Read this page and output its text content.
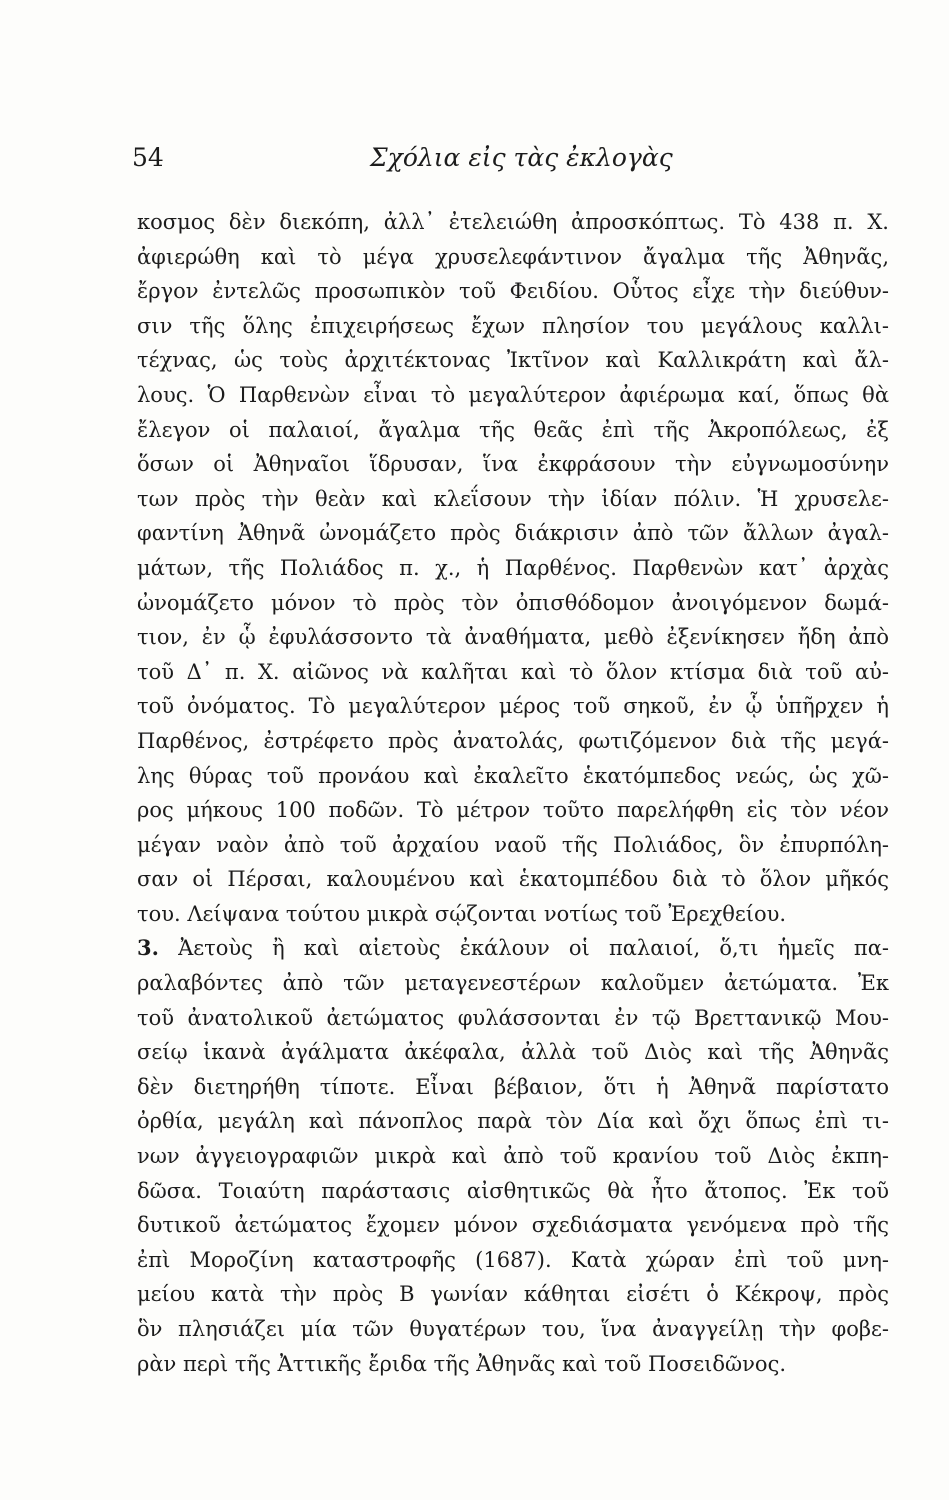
54	Σχόλια εἰς τὰς ἐκλογὰς
κοσμος δὲν διεκόπη, ἀλλ᾽ ἐτελειώθη ἀπροσκόπτως. Τὸ 438 π. Χ.
ἀφιερώθη καὶ τὸ μέγα χρυσελεφάντινον ἄγαλμα τῆς Ἀθηνᾶς,
ἔργον ἐντελῶς προσωπικὸν τοῦ Φειδίου. Οὗτος εἶχε τὴν διεύθυν-
σιν τῆς ὅλης ἐπιχειρήσεως ἔχων πλησίον του μεγάλους καλλι-
τέχνας, ὡς τοὺς ἀρχιτέκτονας Ἰκτῖνον καὶ Καλλικράτη καὶ ἄλ-
λους. Ὁ Παρθενὼν εἶναι τὸ μεγαλύτερον ἀφιέρωμα καί, ὅπως θὰ
ἔλεγον οἱ παλαιοί, ἄγαλμα τῆς θεᾶς ἐπὶ τῆς Ἀκροπόλεως, ἐξ
ὅσων οἱ Ἀθηναῖοι ἵδρυσαν, ἵνα ἐκφράσουν τὴν εὐγνωμοσύνην
των πρὸς τὴν θεὰν καὶ κλεΐσουν τὴν ἰδίαν πόλιν. Ἡ χρυσελε-
φαντίνη Ἀθηνᾶ ὠνομάζετο πρὸς διάκρισιν ἀπὸ τῶν ἄλλων ἀγαλ-
μάτων, τῆς Πολιάδος π. χ., ἡ Παρθένος. Παρθενὼν κατ᾽ ἀρχὰς
ὠνομάζετο μόνον τὸ πρὸς τὸν ὀπισθόδομον ἀνοιγόμενον δωμά-
τιον, ἐν ᾧ ἐφυλάσσοντο τὰ ἀναθήματα, μεθὸ ἐξενίκησεν ἤδη ἀπὸ
τοῦ Δ᾽ π. Χ. αἰῶνος νὰ καλῆται καὶ τὸ ὅλον κτίσμα διὰ τοῦ αὐ-
τοῦ ὀνόματος. Τὸ μεγαλύτερον μέρος τοῦ σηκοῦ, ἐν ᾧ ὑπῆρχεν ἡ
Παρθένος, ἐστρέφετο πρὸς ἀνατολάς, φωτιζόμενον διὰ τῆς μεγά-
λης θύρας τοῦ προνάου καὶ ἐκαλεῖτο ἑκατόμπεδος νεώς, ὡς χῶ-
ρος μήκους 100 ποδῶν. Τὸ μέτρον τοῦτο παρελήφθη εἰς τὸν νέον
μέγαν ναὸν ἀπὸ τοῦ ἀρχαίου ναοῦ τῆς Πολιάδος, ὃν ἐπυρπόλη-
σαν οἱ Πέρσαι, καλουμένου καὶ ἑκατομπέδου διὰ τὸ ὅλον μῆκός
του. Λείψανα τούτου μικρὰ σῴζονται νοτίως τοῦ Ἐρεχθείου.
3. Ἀετοὺς ἢ καὶ αἰετοὺς ἐκάλουν οἱ παλαιοί, ὅ,τι ἡμεῖς πα-
ραλαβόντες ἀπὸ τῶν μεταγενεστέρων καλοῦμεν ἀετώματα. Ἐκ
τοῦ ἀνατολικοῦ ἀετώματος φυλάσσονται ἐν τῷ Βρεττανικῷ Μου-
σείῳ ἱκανὰ ἀγάλματα ἀκέφαλα, ἀλλὰ τοῦ Διὸς καὶ τῆς Ἀθηνᾶς
δὲν διετηρήθη τίποτε. Εἶναι βέβαιον, ὅτι ἡ Ἀθηνᾶ παρίστατο
ὀρθία, μεγάλη καὶ πάνοπλος παρὰ τὸν Δία καὶ ὄχι ὅπως ἐπὶ τι-
νων ἀγγειογραφιῶν μικρὰ καὶ ἀπὸ τοῦ κρανίου τοῦ Διὸς ἐκπη-
δῶσα. Τοιαύτη παράστασις αἰσθητικῶς θὰ ἦτο ἄτοπος. Ἐκ τοῦ
δυτικοῦ ἀετώματος ἔχομεν μόνον σχεδιάσματα γενόμενα πρὸ τῆς
ἐπὶ Μοροζίνη καταστροφῆς (1687). Κατὰ χώραν ἐπὶ τοῦ μνη-
μείου κατὰ τὴν πρὸς Β γωνίαν κάθηται εἰσέτι ὁ Κέκροψ, πρὸς
ὃν πλησιάζει μία τῶν θυγατέρων του, ἵνα ἀναγγείλῃ τὴν φοβε-
ρὰν περὶ τῆς Ἀττικῆς ἔριδα τῆς Ἀθηνᾶς καὶ τοῦ Ποσειδῶνος.
